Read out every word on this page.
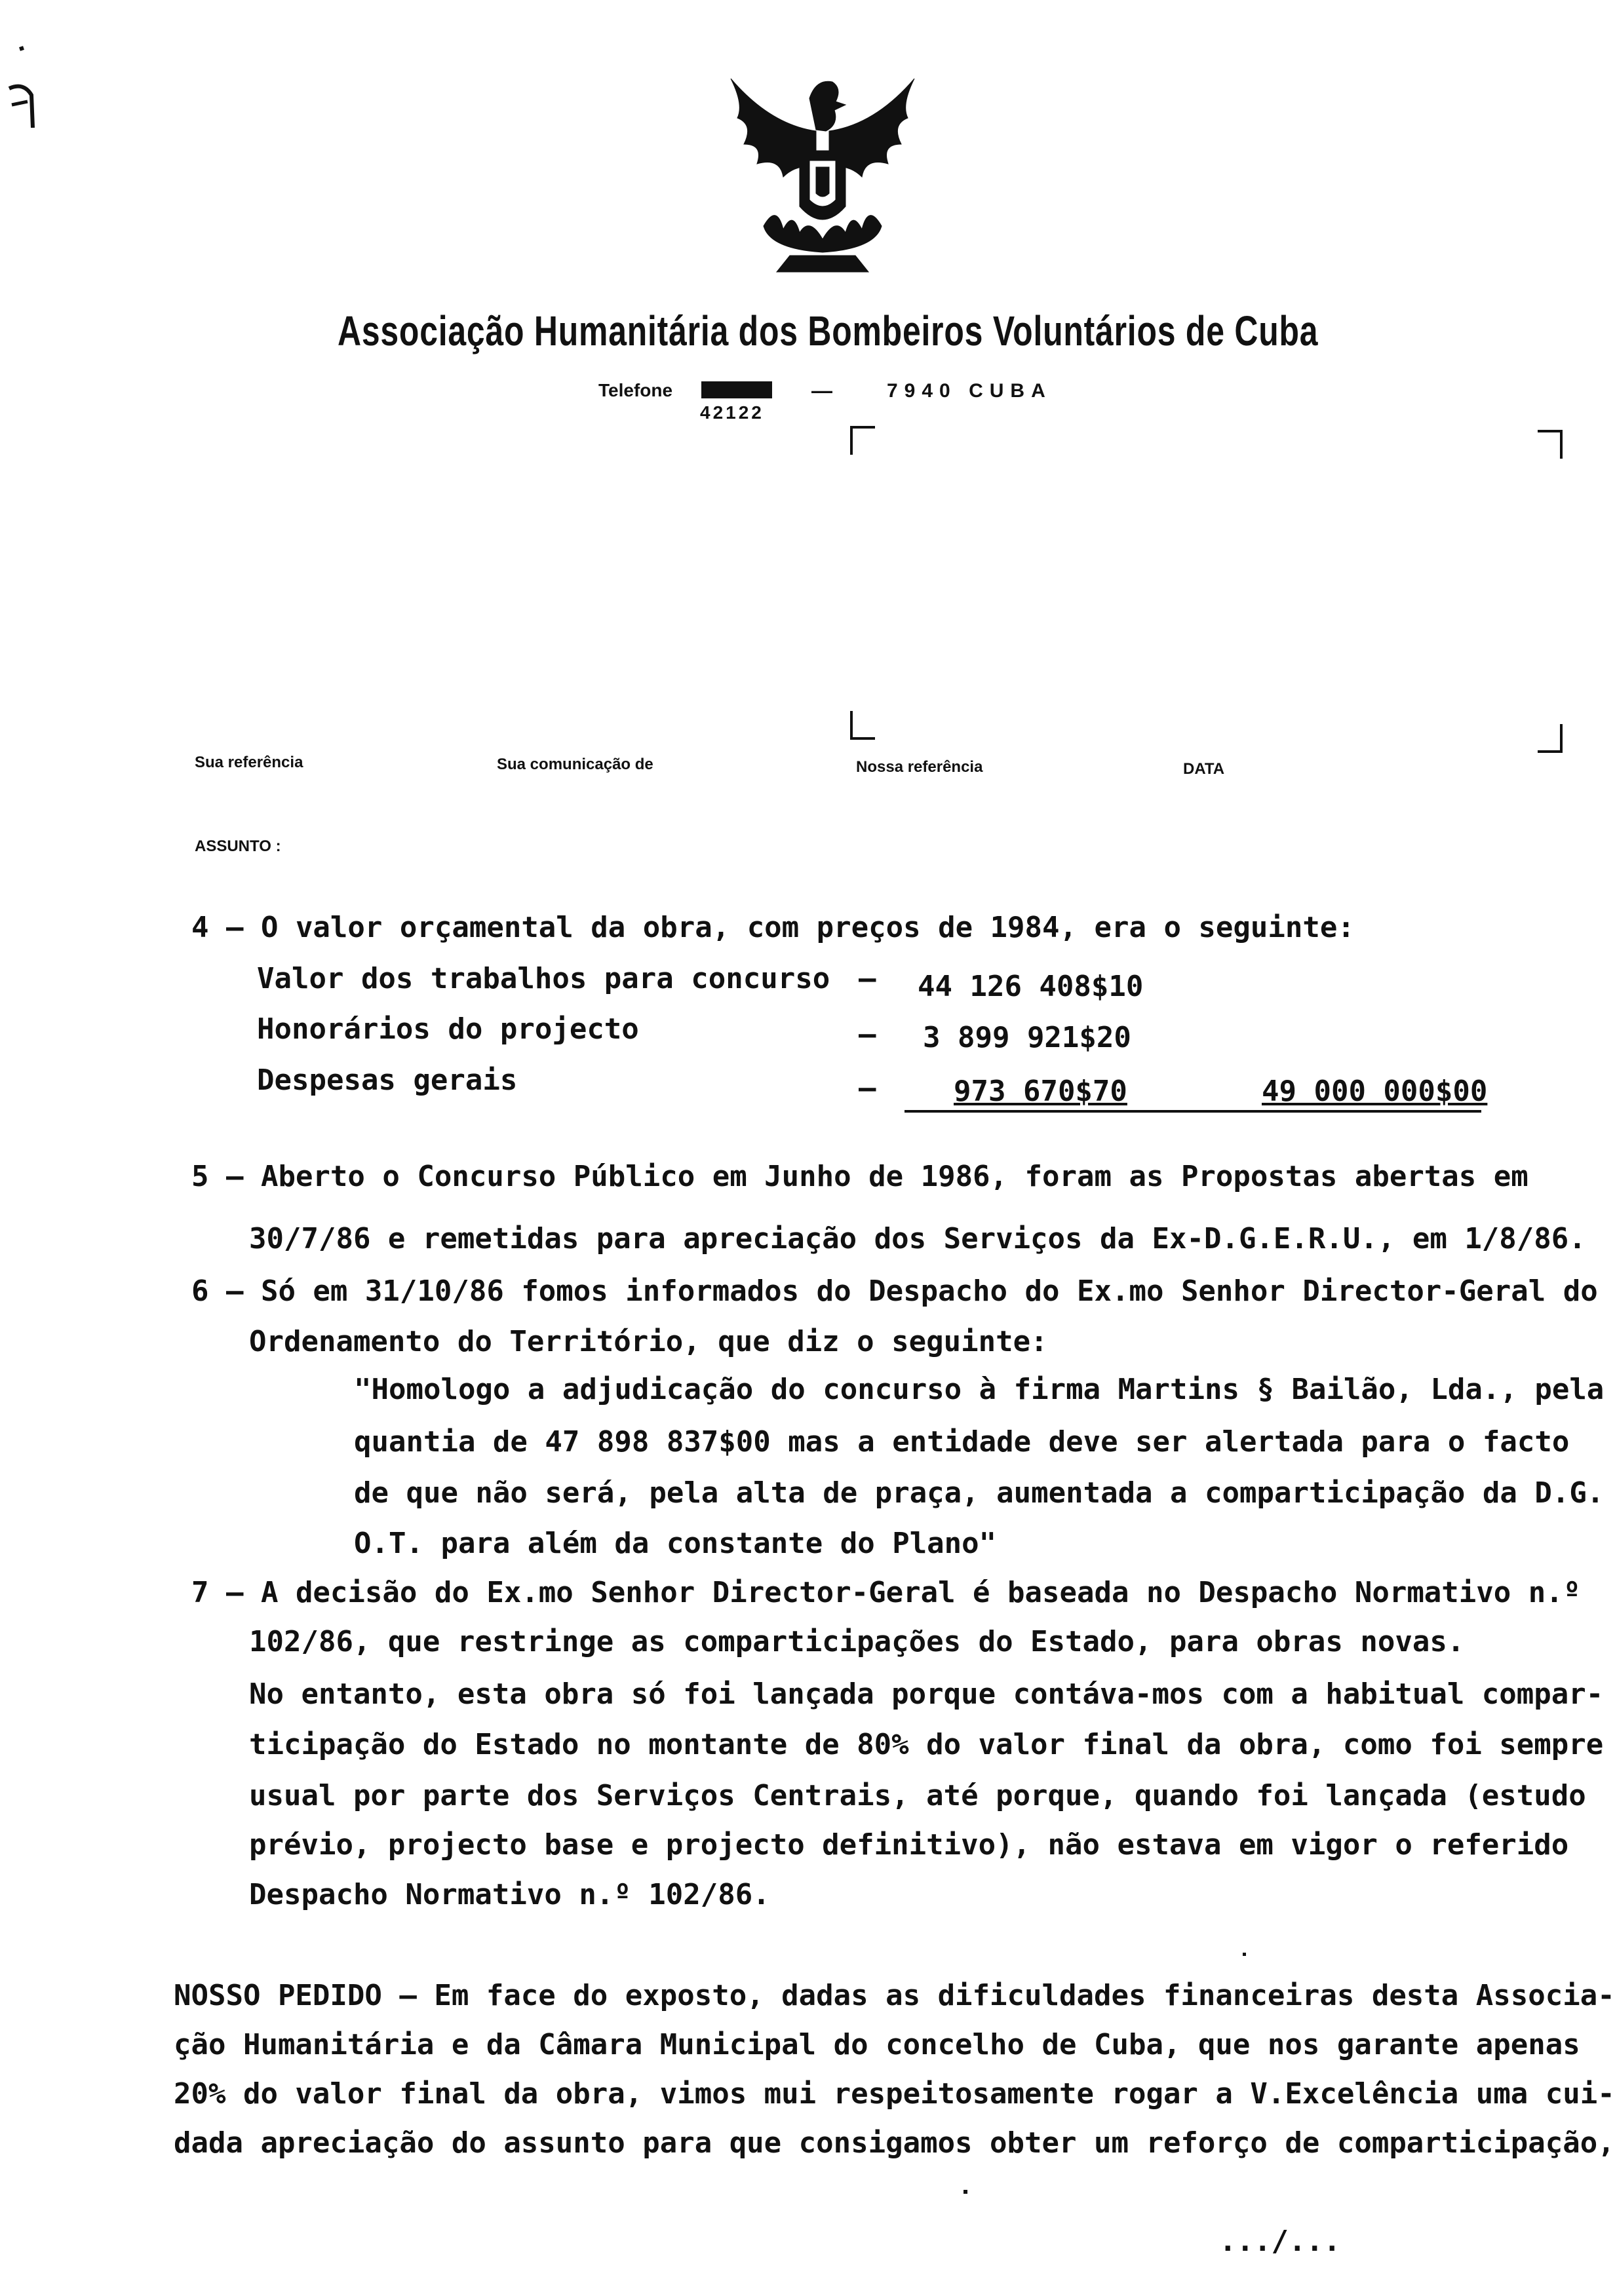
Associação Humanitária dos Bombeiros Voluntários de Cuba
Telefone
42122
—	7940 CUBA
Sua referência	Sua comunicação de	Nossa referência	DATA
ASSUNTO :
4 – O valor orçamental da obra, com preços de 1984, era o seguinte:
Valor dos trabalhos para concurso – 44 126 408$10
Honorários do projecto	– 3 899 921$20
Despesas gerais	–	973 670$70	49 000 000$00
5 – Aberto o Concurso Público em Junho de 1986, foram as Propostas abertas em
30/7/86 e remetidas para apreciação dos Serviços da Ex-D.G.E.R.U., em 1/8/86.
6 – Só em 31/10/86 fomos informados do Despacho do Ex.mo Senhor Director-Geral do
Ordenamento do Território, que diz o seguinte:
"Homologo a adjudicação do concurso à firma Martins § Bailão, Lda., pela
quantia de 47 898 837$00 mas a entidade deve ser alertada para o facto
de que não será, pela alta de praça, aumentada a comparticipação da D.G.
O.T. para além da constante do Plano"
7 – A decisão do Ex.mo Senhor Director-Geral é baseada no Despacho Normativo n.º
102/86, que restringe as comparticipações do Estado, para obras novas.
No entanto, esta obra só foi lançada porque contáva-mos com a habitual compar-
ticipação do Estado no montante de 80% do valor final da obra, como foi sempre
usual por parte dos Serviços Centrais, até porque, quando foi lançada (estudo
prévio, projecto base e projecto definitivo), não estava em vigor o referido
Despacho Normativo n.º 102/86.
NOSSO PEDIDO – Em face do exposto, dadas as dificuldades financeiras desta Associa-
ção Humanitária e da Câmara Municipal do concelho de Cuba, que nos garante apenas
20% do valor final da obra, vimos mui respeitosamente rogar a V.Excelência uma cui-
dada apreciação do assunto para que consigamos obter um reforço de comparticipação,
.../...
